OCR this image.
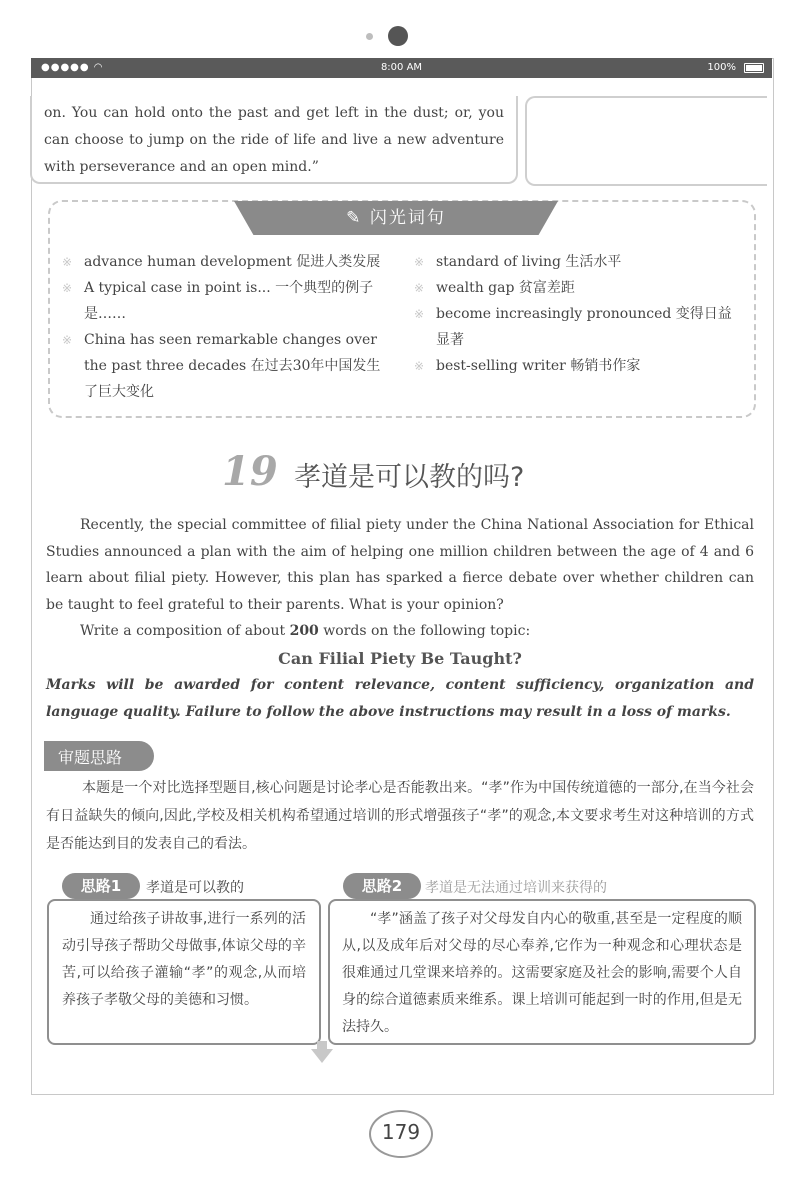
●●●●● ◠	8:00 AM	100%
on. You can hold onto the past and get left in the dust; or, you can choose to jump on the ride of life and live a new adventure with perseverance and an open mind.”
✎ 闪光词句
※ advance human development 促进人类发展
※ A typical case in point is... 一个典型的例子是……
※ China has seen remarkable changes over the past three decades 在过去30年中国发生了巨大变化
※ standard of living 生活水平
※ wealth gap 贫富差距
※ become increasingly pronounced 变得日益显著
※ best-selling writer 畅销书作家
19 孝道是可以教的吗?
Recently, the special committee of filial piety under the China National Association for Ethical Studies announced a plan with the aim of helping one million children between the age of 4 and 6 learn about filial piety. However, this plan has sparked a fierce debate over whether children can be taught to feel grateful to their parents. What is your opinion?
Write a composition of about 200 words on the following topic:
Can Filial Piety Be Taught?
Marks will be awarded for content relevance, content sufficiency, organization and language quality. Failure to follow the above instructions may result in a loss of marks.
审题思路
本题是一个对比选择型题目,核心问题是讨论孝心是否能教出来。“孝”作为中国传统道德的一部分,在当今社会有日益缺失的倾向,因此,学校及相关机构希望通过培训的形式增强孩子“孝”的观念,本文要求考生对这种培训的方式是否能达到目的发表自己的看法。
思路1	思路2
孝道是可以教的	孝道是无法通过培训来获得的
通过给孩子讲故事,进行一系列的活动引导孩子帮助父母做事,体谅父母的辛苦,可以给孩子灌输“孝”的观念,从而培养孩子孝敬父母的美德和习惯。
“孝”涵盖了孩子对父母发自内心的敬重,甚至是一定程度的顺从,以及成年后对父母的尽心奉养,它作为一种观念和心理状态是很难通过几堂课来培养的。这需要家庭及社会的影响,需要个人自身的综合道德素质来维系。课上培训可能起到一时的作用,但是无法持久。
179
